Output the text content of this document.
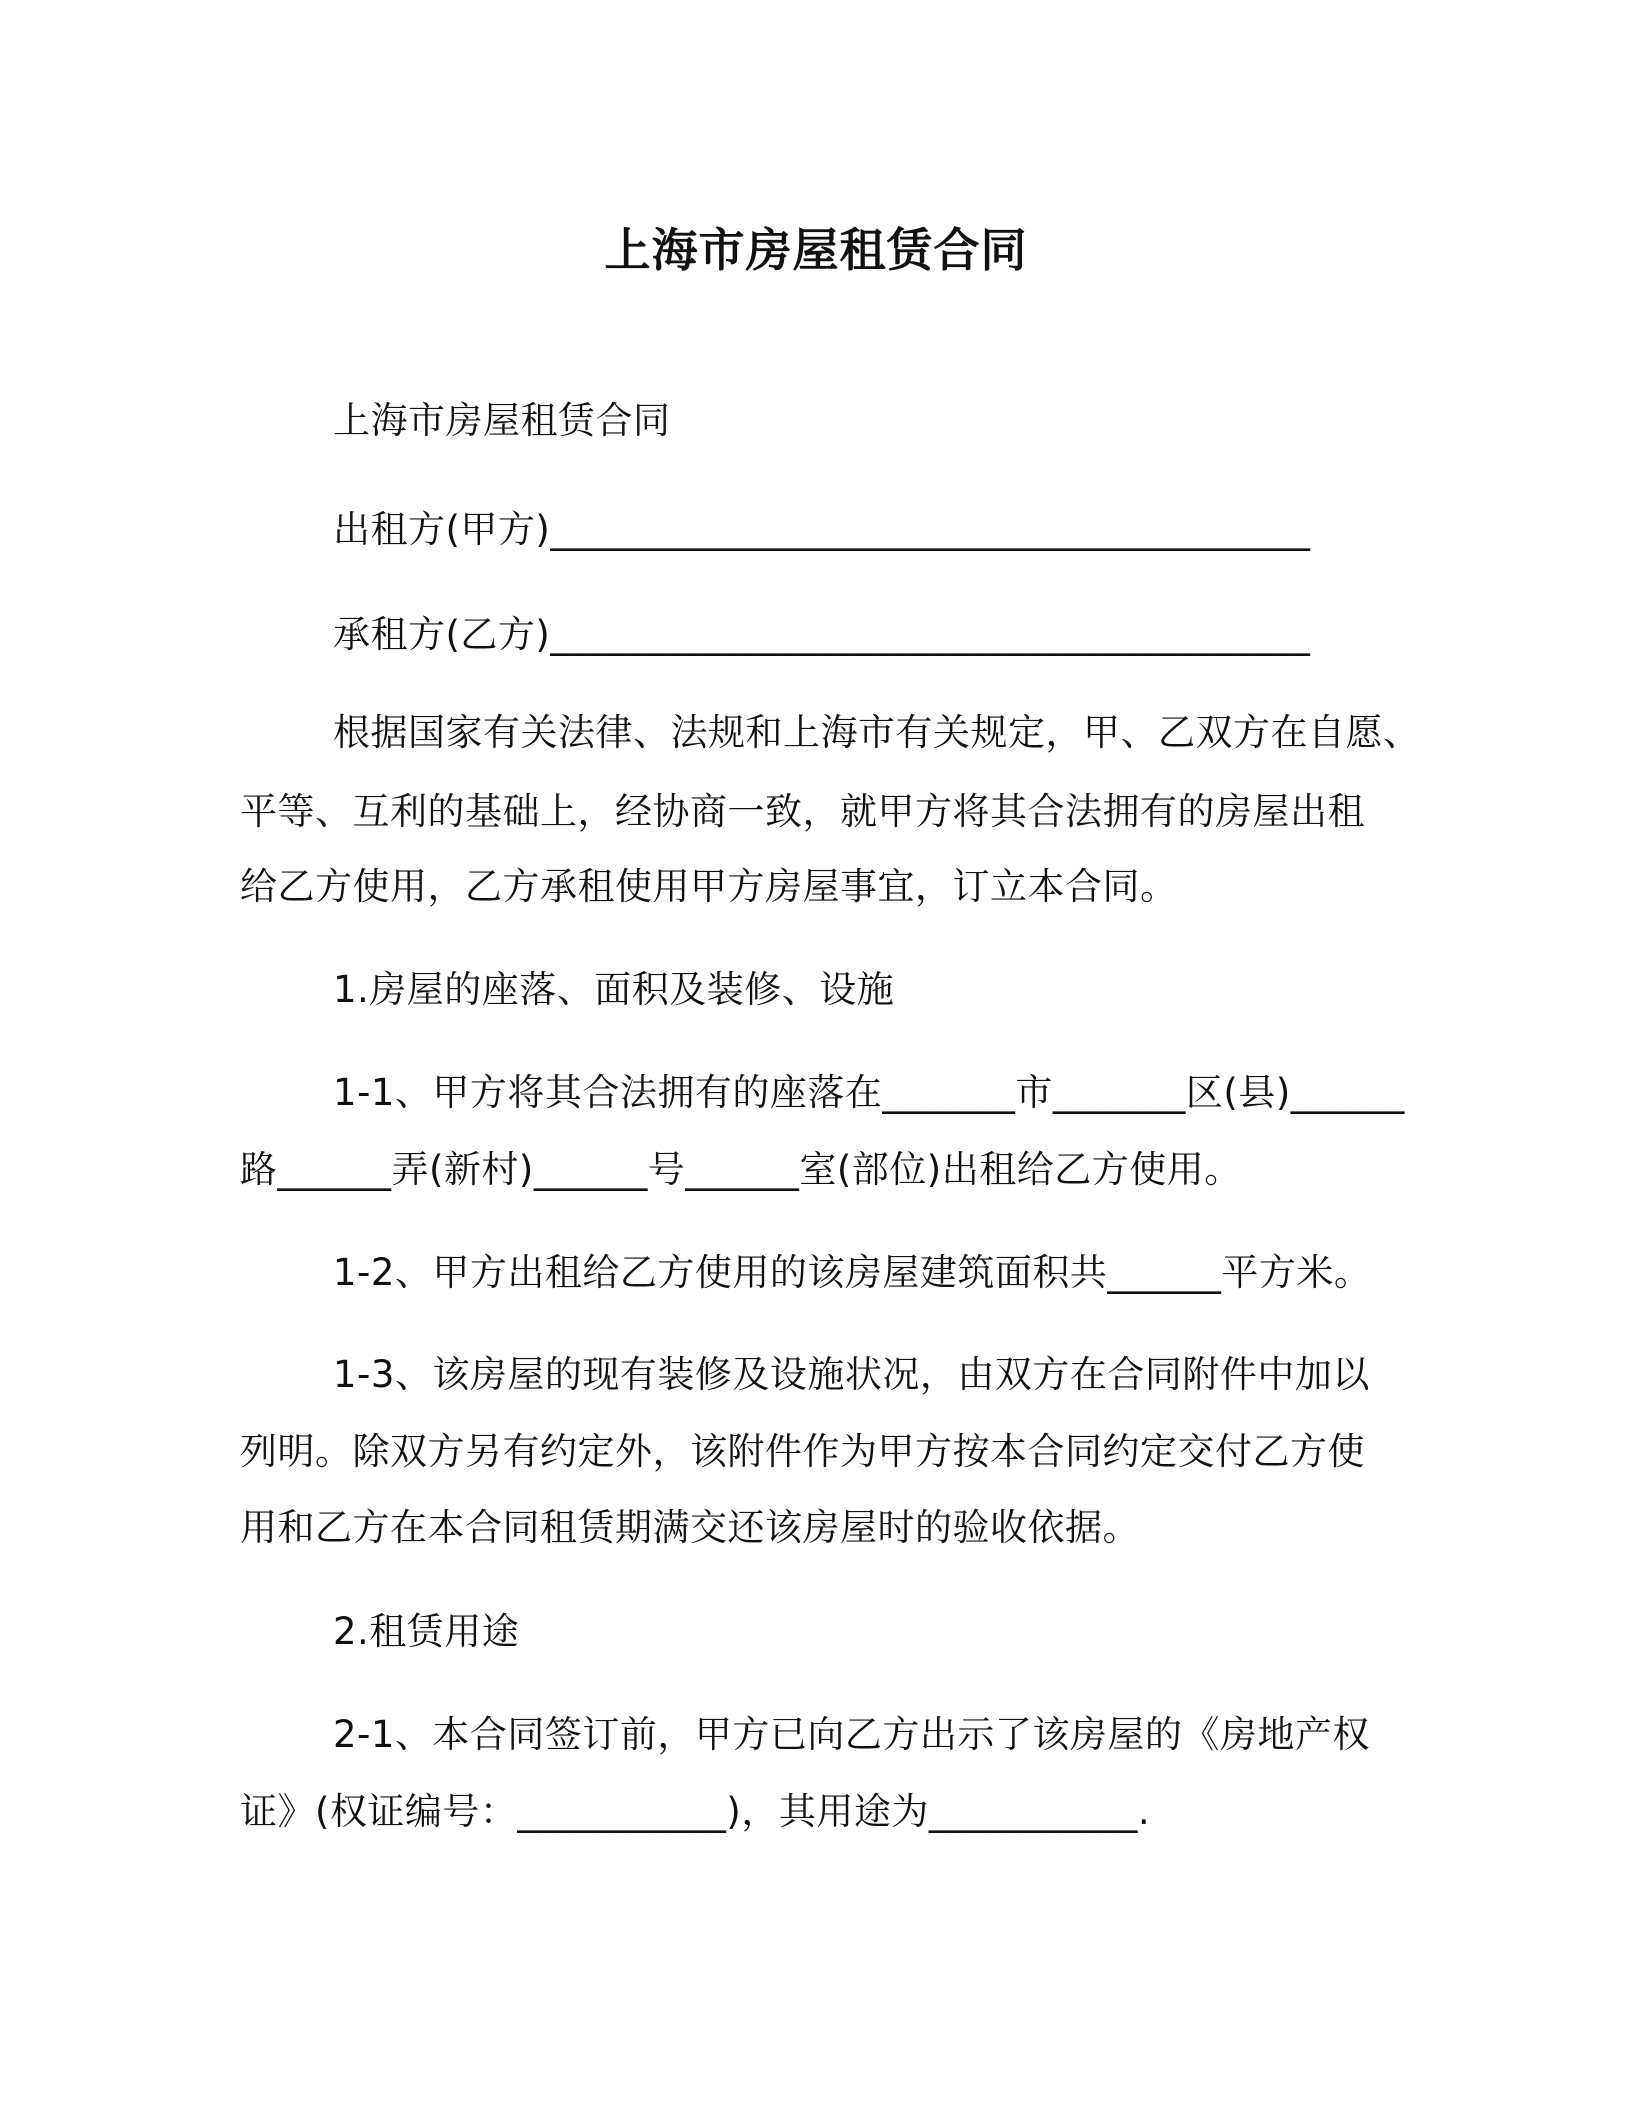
上海市房屋租赁合同
上海市房屋租赁合同
出租方(甲方)________________________________________
承租方(乙方)________________________________________
根据国家有关法律、法规和上海市有关规定，甲、乙双方在自愿、
平等、互利的基础上，经协商一致，就甲方将其合法拥有的房屋出租
给乙方使用，乙方承租使用甲方房屋事宜，订立本合同。
1.房屋的座落、面积及装修、设施
1-1、甲方将其合法拥有的座落在_______市_______区(县)______
路______弄(新村)______号______室(部位)出租给乙方使用。
1-2、甲方出租给乙方使用的该房屋建筑面积共______平方米。
1-3、该房屋的现有装修及设施状况，由双方在合同附件中加以
列明。除双方另有约定外，该附件作为甲方按本合同约定交付乙方使
用和乙方在本合同租赁期满交还该房屋时的验收依据。
2.租赁用途
2-1、本合同签订前，甲方已向乙方出示了该房屋的《房地产权
证》(权证编号：___________)，其用途为___________.
